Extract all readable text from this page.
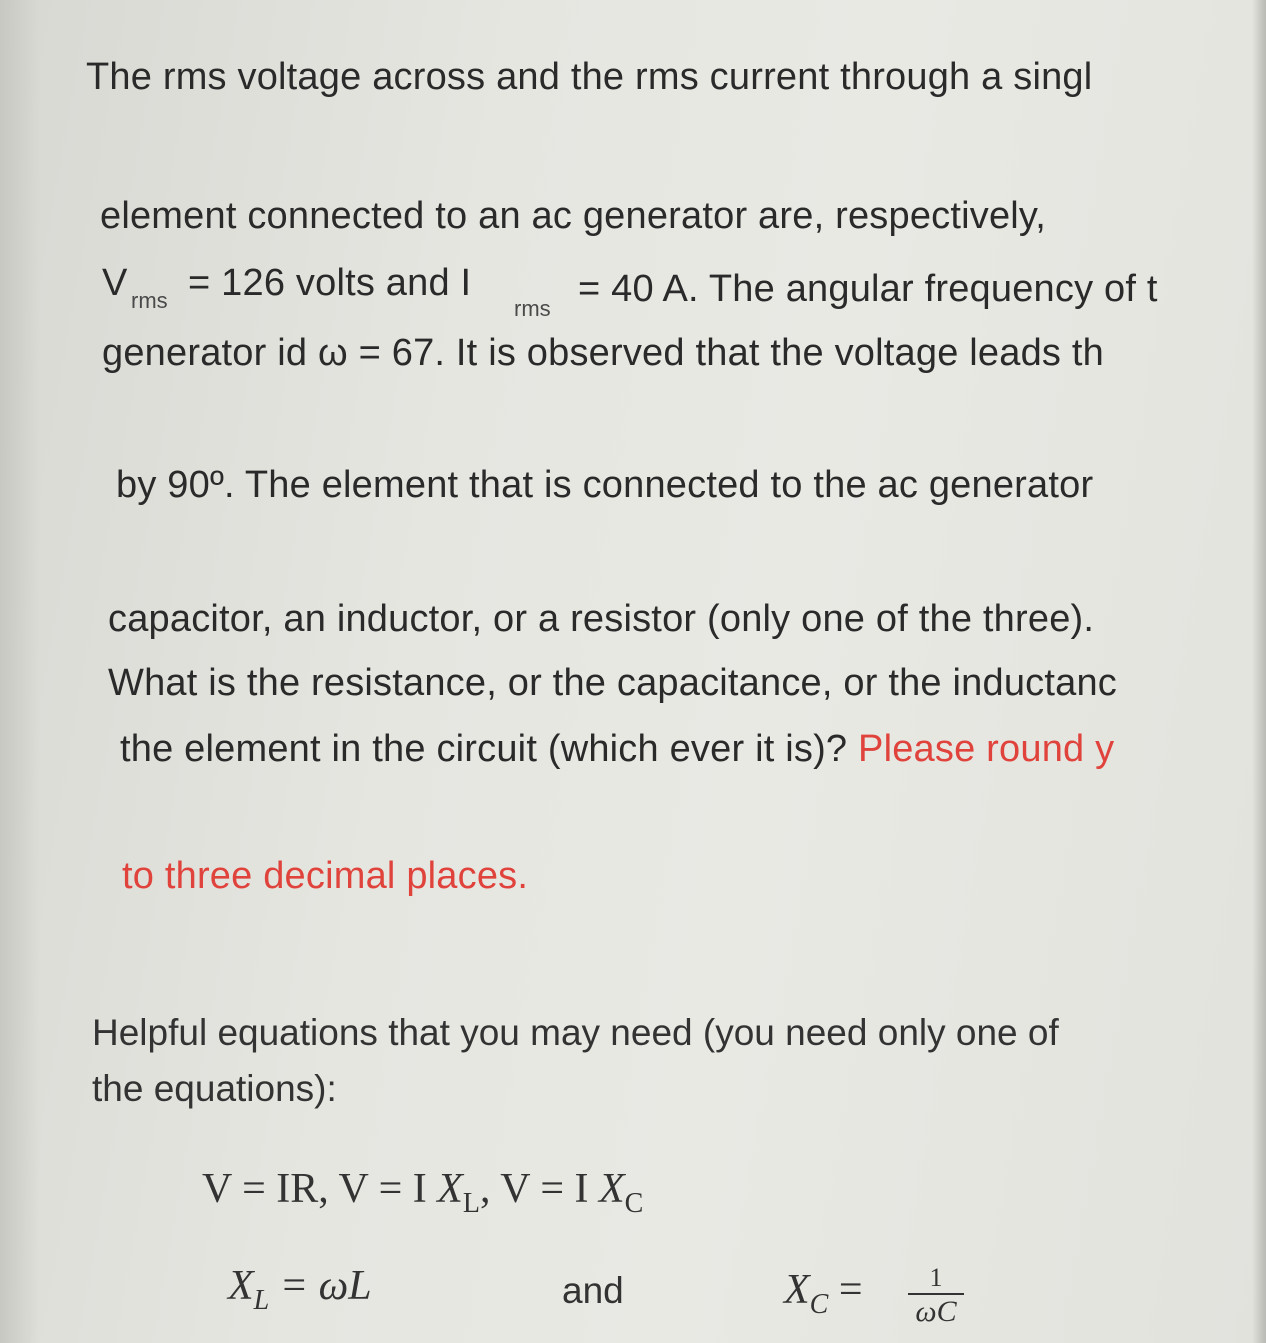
The rms voltage across and the rms current through a singl
element connected to an ac generator are, respectively,
V rms = 126 volts and I
rms = 40 A. The angular frequency of t
generator id ω = 67. It is observed that the voltage leads th
by 90º. The element that is connected to the ac generator
capacitor, an inductor, or a resistor (only one of the three).
What is the resistance, or the capacitance, or the inductanc
the element in the circuit (which ever it is)? Please round y
to three decimal places.
Helpful equations that you may need (you need only one of
the equations):
V = IR, V = I $X_L$, V = I $X_C$
$X_L = \omega L$	and	$X_C$ =	1
ωC
